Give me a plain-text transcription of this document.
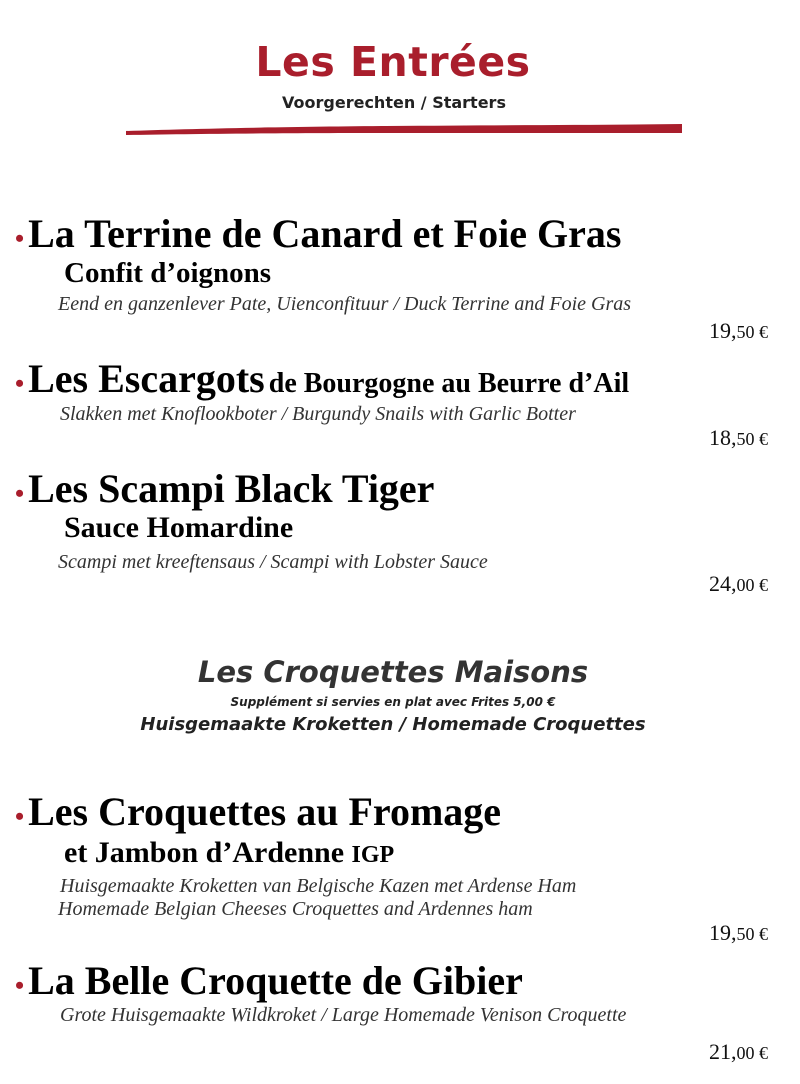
Les Entrées
Voorgerechten / Starters
• La Terrine de Canard et Foie Gras
Confit d’oignons
Eend en ganzenlever Pate, Uienconfituur / Duck Terrine and Foie Gras
19,50 €
• Les Escargots de Bourgogne au Beurre d’Ail
Slakken met Knoflookboter / Burgundy Snails with Garlic Botter
18,50 €
• Les Scampi Black Tiger
Sauce Homardine
Scampi met kreeftensaus / Scampi with Lobster Sauce
24,00 €
Les Croquettes Maisons
Supplément si servies en plat avec Frites 5,00 €
Huisgemaakte Kroketten / Homemade Croquettes
• Les Croquettes au Fromage
et Jambon d’Ardenne IGP
Huisgemaakte Kroketten van Belgische Kazen met Ardense Ham
Homemade Belgian Cheeses Croquettes and Ardennes ham
19,50 €
• La Belle Croquette de Gibier
Grote Huisgemaakte Wildkroket / Large Homemade Venison Croquette
21,00 €
